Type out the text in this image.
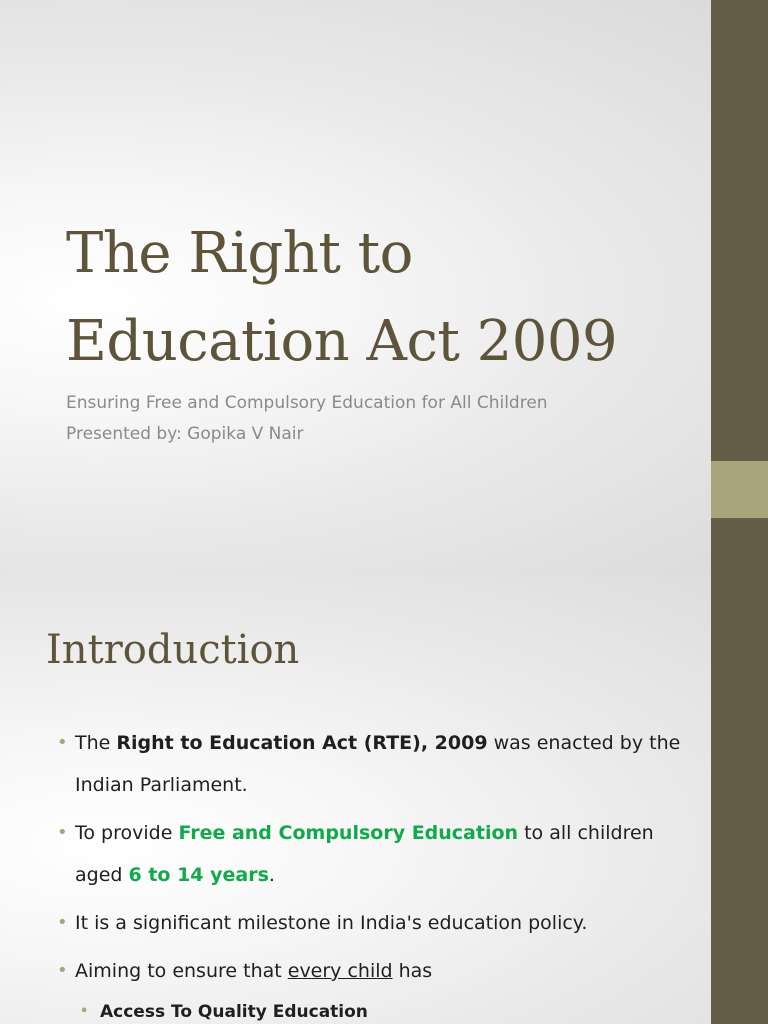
The Right to
Education Act 2009
Ensuring Free and Compulsory Education for All Children
Presented by: Gopika V Nair
Introduction
• The Right to Education Act (RTE), 2009 was enacted by the Indian Parliament.
• To provide Free and Compulsory Education to all children aged 6 to 14 years.
• It is a significant milestone in India's education policy.
• Aiming to ensure that every child has
• Access To Quality Education
